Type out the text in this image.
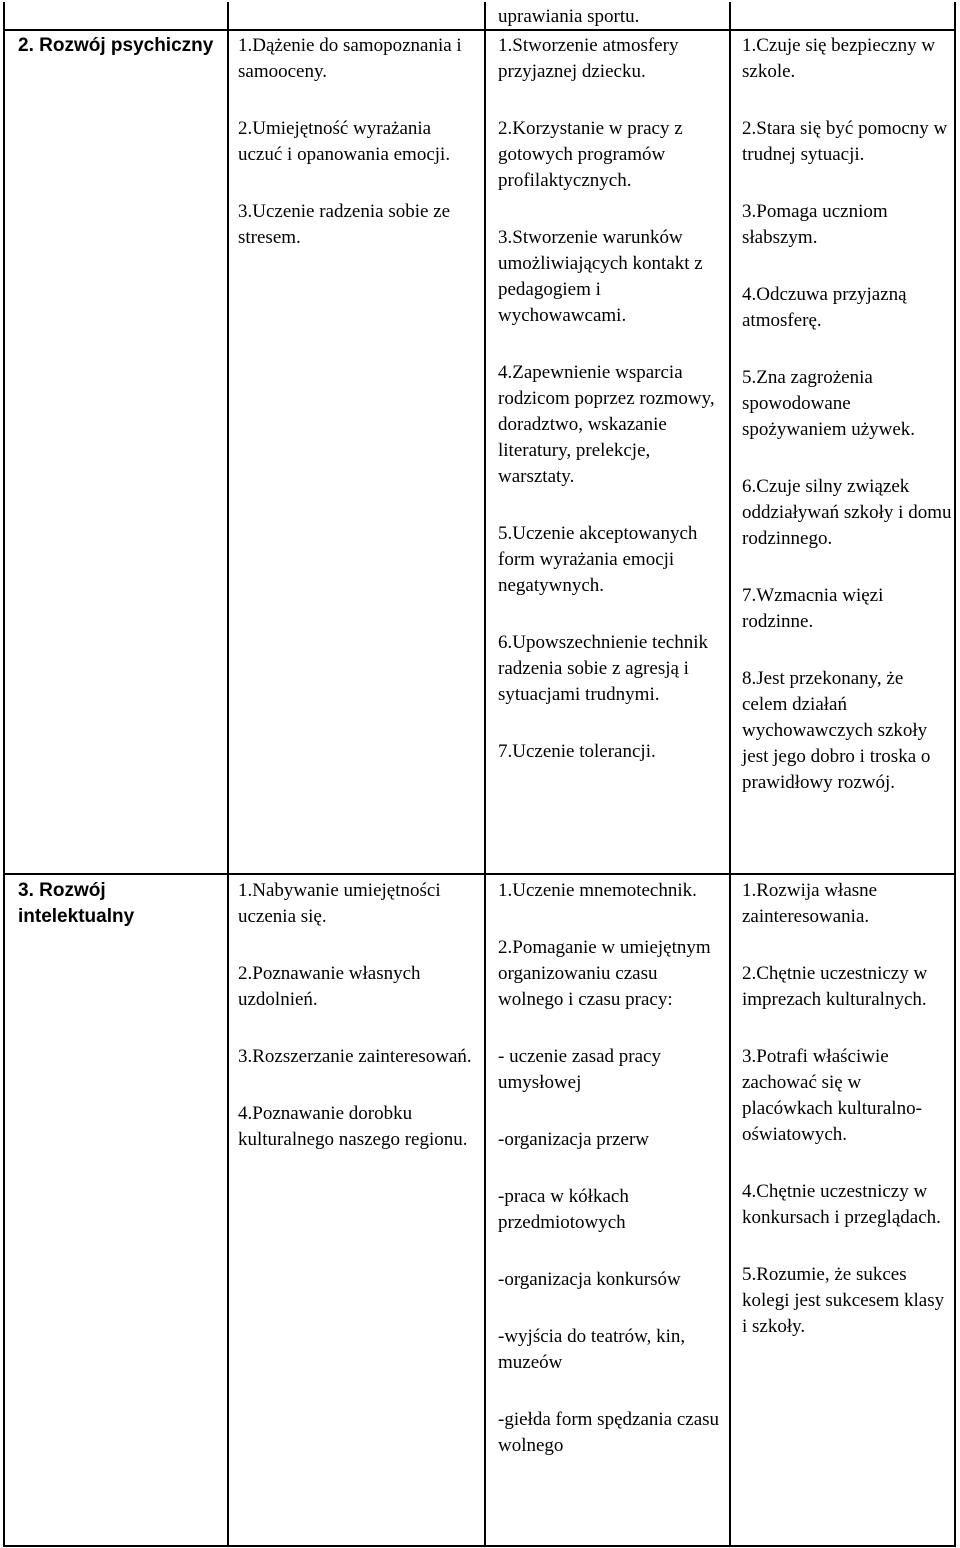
2. Rozwój psychiczny 1.Dążenie do samopoznania i samooceny.

2.Umiejętność wyrażania uczuć i opanowania emocji.

3.Uczenie radzenia sobie ze stresem.

uprawiania sportu.

1.Stworzenie atmosfery przyjaznej dziecku.

2.Korzystanie w pracy z gotowych programów profilaktycznych.

3.Stworzenie warunków umożliwiających kontakt z pedagogiem i wychowawcami.

4.Zapewnienie wsparcia rodzicom poprzez rozmowy, doradztwo, wskazanie literatury, prelekcje, warsztaty.

5.Uczenie akceptowanych form wyrażania emocji negatywnych.

6.Upowszechnienie technik radzenia sobie z agresją i sytuacjami trudnymi.

7.Uczenie tolerancji.

1.Czuje się bezpieczny w szkole.

2.Stara się być pomocny w trudnej sytuacji.

3.Pomaga uczniom słabszym.

4.Odczuwa przyjazną atmosferę.

5.Zna zagrożenia spowodowane spożywaniem używek.

6.Czuje silny związek oddziaływań szkoły i domu rodzinnego.

7.Wzmacnia więzi rodzinne.

8.Jest przekonany, że celem działań wychowawczych szkoły jest jego dobro i troska o prawidłowy rozwój.

3. Rozwój intelektualny

1.Nabywanie umiejętności uczenia się.

2.Poznawanie własnych uzdolnień.

3.Rozszerzanie zainteresowań.

4.Poznawanie dorobku kulturalnego naszego regionu.

1.Uczenie mnemotechnik.

2.Pomaganie w umiejętnym organizowaniu czasu wolnego i czasu pracy:

- uczenie zasad pracy umysłowej

-organizacja przerw

-praca w kółkach przedmiotowych

-organizacja konkursów

-wyjścia do teatrów, kin, muzeów

-giełda form spędzania czasu wolnego

1.Rozwija własne zainteresowania.

2.Chętnie uczestniczy w imprezach kulturalnych.

3.Potrafi właściwie zachować się w placówkach kulturalno-oświatowych.

4.Chętnie uczestniczy w konkursach i przeglądach.

5.Rozumie, że sukces kolegi jest sukcesem klasy i szkoły.
